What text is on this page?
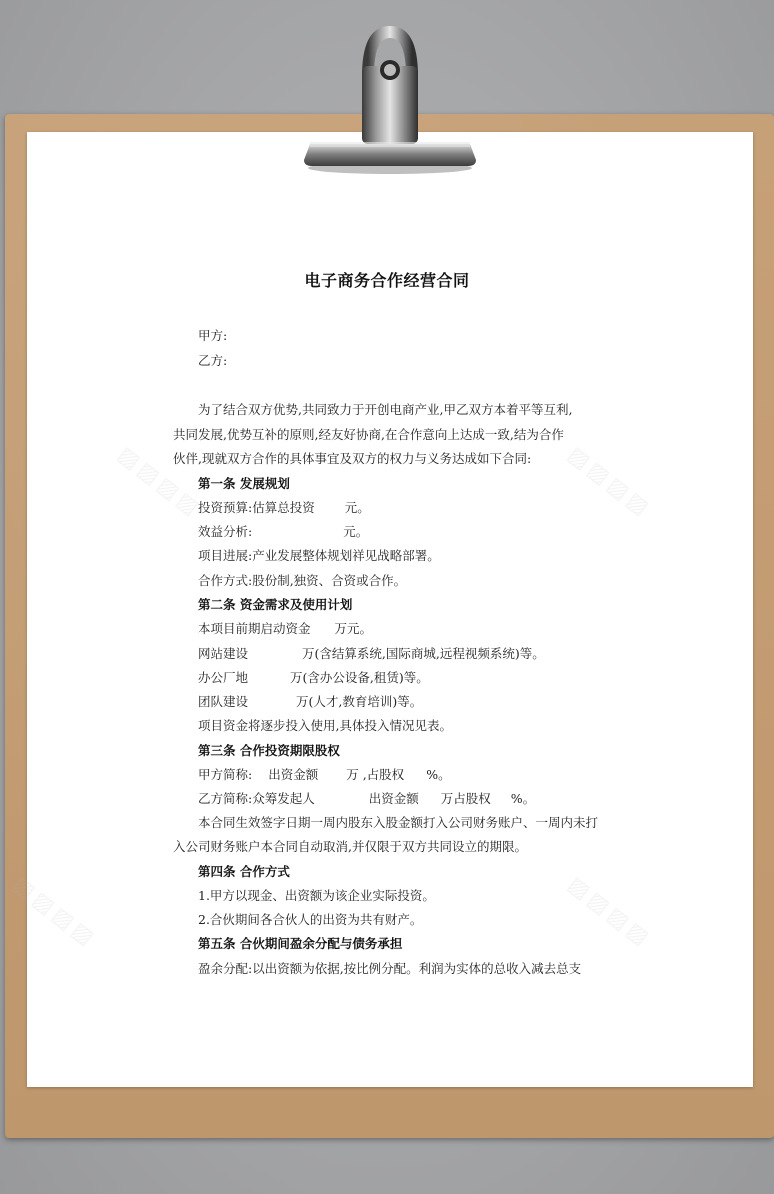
电子商务合作经营合同
甲方:
乙方:
为了结合双方优势,共同致力于开创电商产业,甲乙双方本着平等互利,
共同发展,优势互补的原则,经友好协商,在合作意向上达成一致,结为合作
伙伴,现就双方合作的具体事宜及双方的权力与义务达成如下合同:
第一条 发展规划
投资预算:估算总投资 元。
效益分析:	元。
项目进展:产业发展整体规划祥见战略部署。
合作方式:股份制,独资、合资或合作。
第二条 资金需求及使用计划
本项目前期启动资金 万元。
网站建设	万(含结算系统,国际商城,远程视频系统)等。
办公厂地	万(含办公设备,租赁)等。
团队建设	万(人才,教育培训)等。
项目资金将逐步投入使用,具体投入情况见表。
第三条 合作投资期限股权
甲方简称: 出资金额 万 ,占股权 %。
乙方简称:众筹发起人	出资金额 万占股权 %。
本合同生效签字日期一周内股东入股金额打入公司财务账户、一周内未打
入公司财务账户本合同自动取消,并仅限于双方共同设立的期限。
第四条 合作方式
1.甲方以现金、出资额为该企业实际投资。
2.合伙期间各合伙人的出资为共有财产。
第五条 合伙期间盈余分配与债务承担
盈余分配:以出资额为依据,按比例分配。利润为实体的总收入减去总支
